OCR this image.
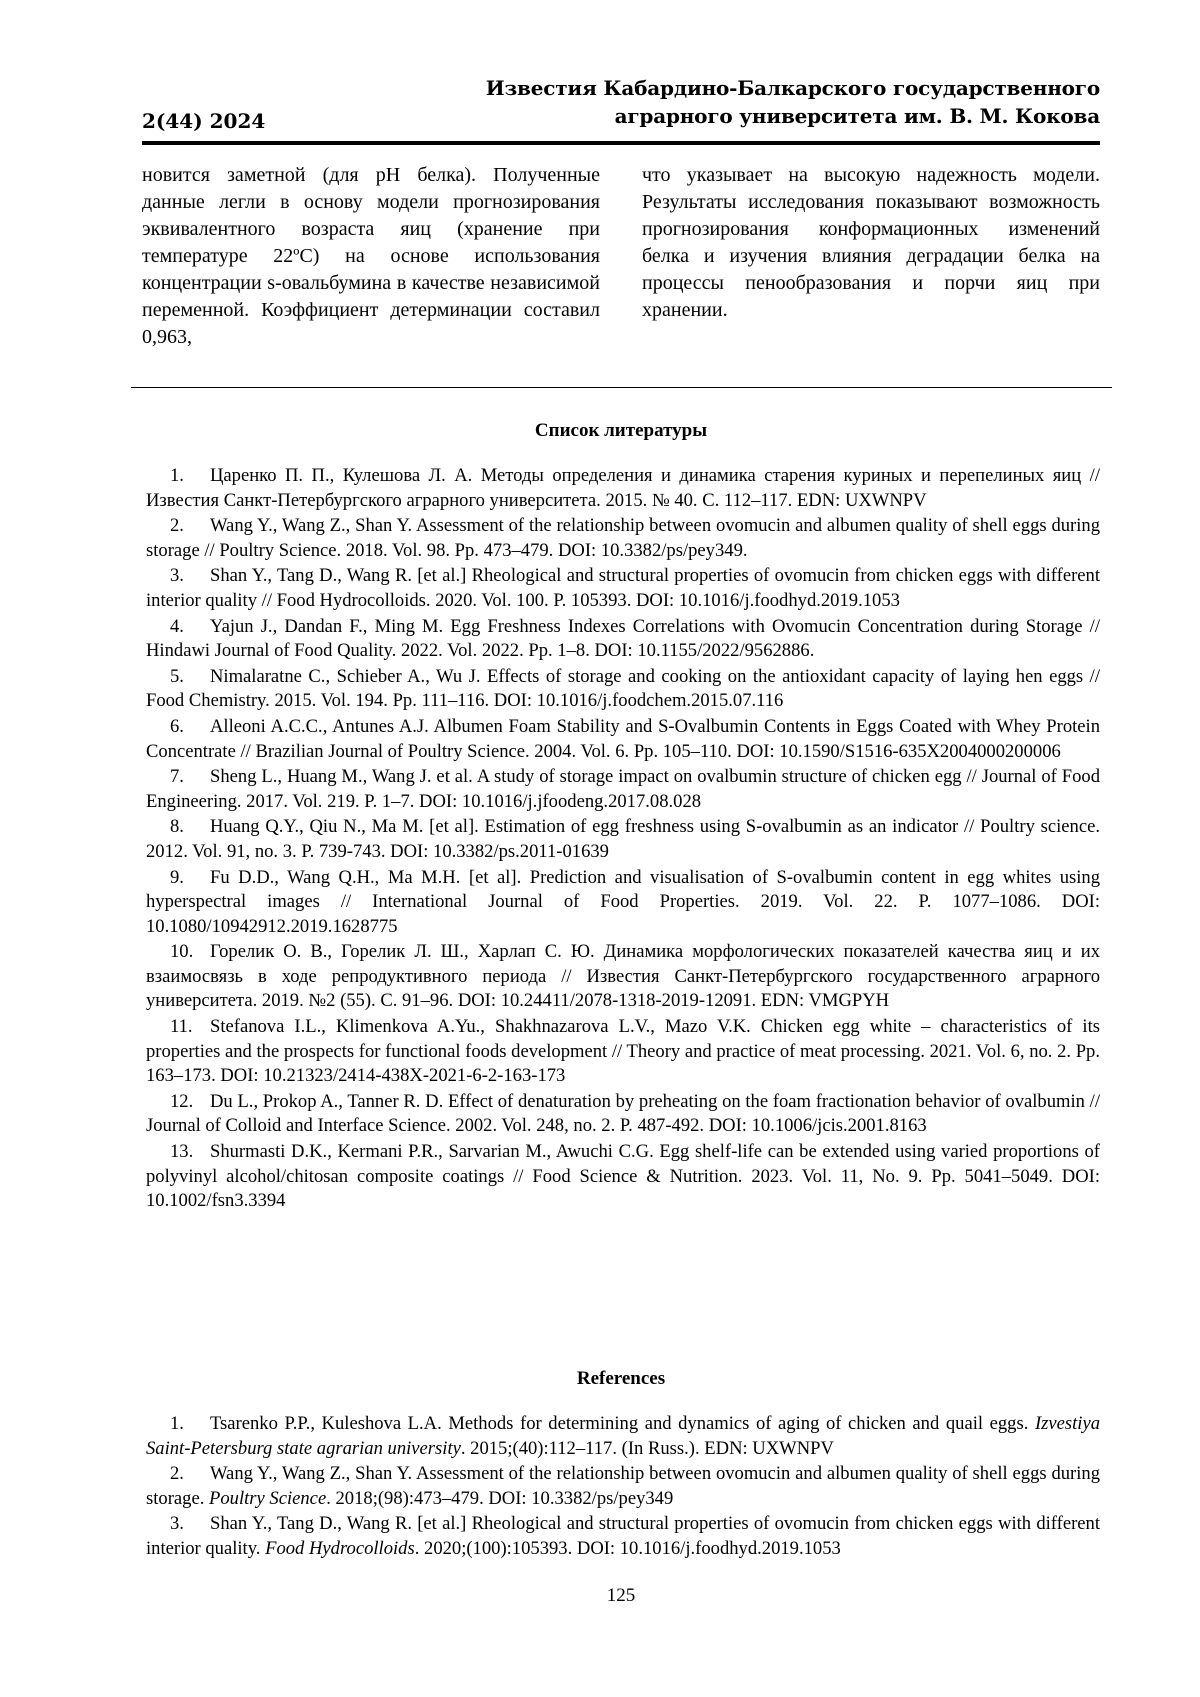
Известия Кабардино-Балкарского государственного
аграрного университета им. В. М. Кокова
2(44) 2024

новится заметной (для pH белка). Полученные данные легли в основу модели прогнозирования эквивалентного возраста яиц (хранение при температуре 22ºС) на основе использования концентрации s-овальбумина в качестве независимой переменной. Коэффициент детерминации составил 0,963,

что указывает на высокую надежность модели. Результаты исследования показывают возможность прогнозирования конформационных изменений белка и изучения влияния деградации белка на процессы пенообразования и порчи яиц при хранении.

Список литературы
1. Царенко П. П., Кулешова Л. А. Методы определения и динамика старения куриных и перепелиных яиц // Известия Санкт-Петербургского аграрного университета. 2015. № 40. С. 112–117. EDN: UXWNPV
2. Wang Y., Wang Z., Shan Y. Assessment of the relationship between ovomucin and albumen quality of shell eggs during storage // Poultry Science. 2018. Vol. 98. Pp. 473–479. DOI: 10.3382/ps/pey349.
3. Shan Y., Tang D., Wang R. [et al.] Rheological and structural properties of ovomucin from chicken eggs with different interior quality // Food Hydrocolloids. 2020. Vol. 100. P. 105393. DOI: 10.1016/j.foodhyd.2019.1053
4. Yajun J., Dandan F., Ming M. Egg Freshness Indexes Correlations with Ovomucin Concentration during Storage // Hindawi Journal of Food Quality. 2022. Vol. 2022. Pp. 1–8. DOI: 10.1155/2022/9562886.
5. Nimalaratne C., Schieber A., Wu J. Effects of storage and cooking on the antioxidant capacity of laying hen eggs // Food Chemistry. 2015. Vol. 194. Pp. 111–116. DOI: 10.1016/j.foodchem.2015.07.116
6. Alleoni A.C.C., Antunes A.J. Albumen Foam Stability and S-Ovalbumin Contents in Eggs Coated with Whey Protein Concentrate // Brazilian Journal of Poultry Science. 2004. Vol. 6. Pp. 105–110. DOI: 10.1590/S1516-635X2004000200006
7. Sheng L., Huang M., Wang J. et al. A study of storage impact on ovalbumin structure of chicken egg // Journal of Food Engineering. 2017. Vol. 219. P. 1–7. DOI: 10.1016/j.jfoodeng.2017.08.028
8. Huang Q.Y., Qiu N., Ma M. [et al]. Estimation of egg freshness using S-ovalbumin as an indicator // Poultry science. 2012. Vol. 91, no. 3. P. 739-743. DOI: 10.3382/ps.2011-01639
9. Fu D.D., Wang Q.H., Ma M.H. [et al]. Prediction and visualisation of S-ovalbumin content in egg whites using hyperspectral images // International Journal of Food Properties. 2019. Vol. 22. P. 1077–1086. DOI: 10.1080/10942912.2019.1628775
10. Горелик О. В., Горелик Л. Ш., Харлап С. Ю. Динамика морфологических показателей качества яиц и их взаимосвязь в ходе репродуктивного периода // Известия Санкт-Петербургского государственного аграрного университета. 2019. №2 (55). С. 91–96. DOI: 10.24411/2078-1318-2019-12091. EDN: VMGPYH
11. Stefanova I.L., Klimenkova A.Yu., Shakhnazarova L.V., Mazo V.K. Chicken egg white – characteristics of its properties and the prospects for functional foods development // Theory and practice of meat processing. 2021. Vol. 6, no. 2. Pp. 163–173. DOI: 10.21323/2414-438X-2021-6-2-163-173
12. Du L., Prokop A., Tanner R. D. Effect of denaturation by preheating on the foam fractionation behavior of ovalbumin // Journal of Colloid and Interface Science. 2002. Vol. 248, no. 2. P. 487-492. DOI: 10.1006/jcis.2001.8163
13. Shurmasti D.K., Kermani P.R., Sarvarian M., Awuchi C.G. Egg shelf-life can be extended using varied proportions of polyvinyl alcohol/chitosan composite coatings // Food Science & Nutrition. 2023. Vol. 11, No. 9. Pp. 5041–5049. DOI: 10.1002/fsn3.3394
References
1. Tsarenko P.P., Kuleshova L.A. Methods for determining and dynamics of aging of chicken and quail eggs. Izvestiya Saint-Petersburg state agrarian university. 2015;(40):112–117. (In Russ.). EDN: UXWNPV
2. Wang Y., Wang Z., Shan Y. Assessment of the relationship between ovomucin and albumen quality of shell eggs during storage. Poultry Science. 2018;(98):473–479. DOI: 10.3382/ps/pey349
3. Shan Y., Tang D., Wang R. [et al.] Rheological and structural properties of ovomucin from chicken eggs with different interior quality. Food Hydrocolloids. 2020;(100):105393. DOI: 10.1016/j.foodhyd.2019.1053
125
